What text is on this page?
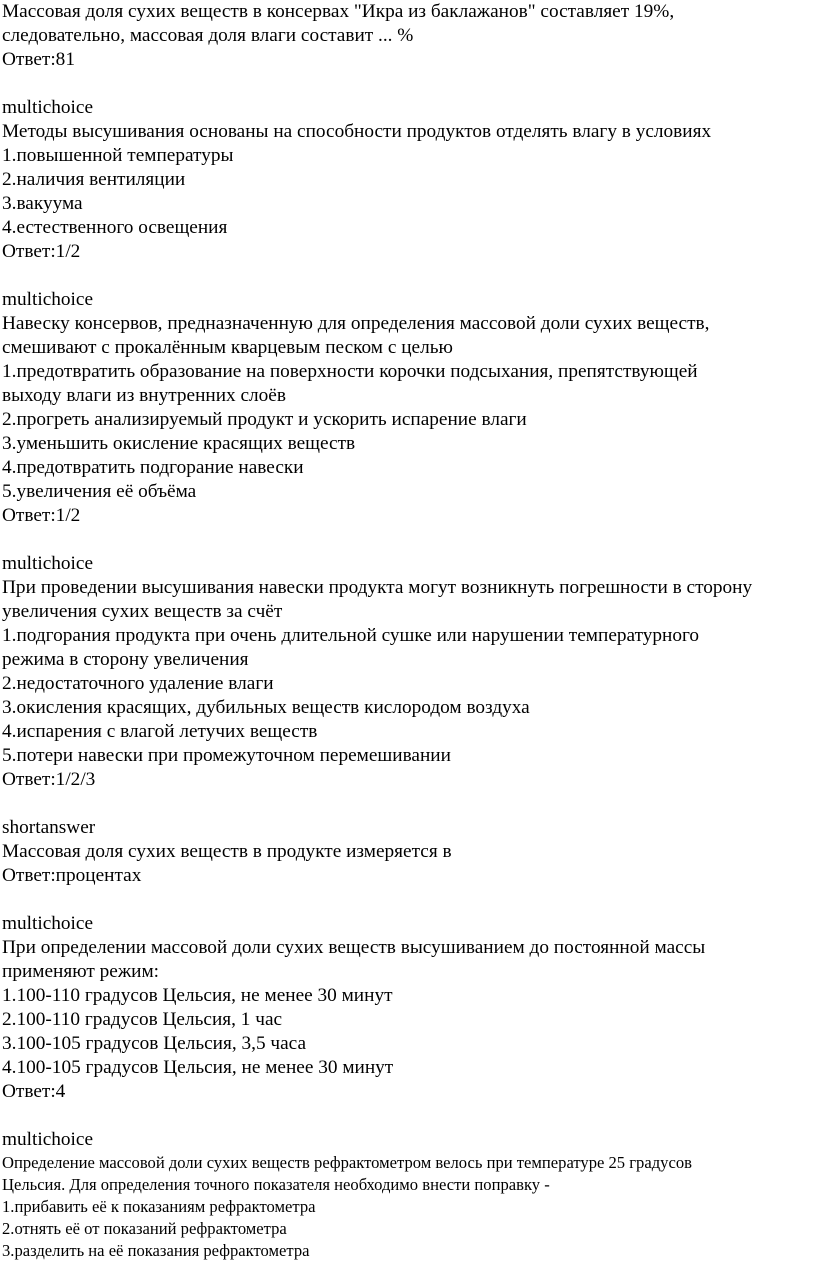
Массовая доля сухих веществ в консервах "Икра из баклажанов" составляет 19%,

следовательно, массовая доля влаги составит ... %

Ответ:81

multichoice

Методы высушивания основаны на способности продуктов отделять влагу в условиях

1.повышенной температуры

2.наличия вентиляции

3.вакуума

4.естественного освещения

Ответ:1/2

multichoice

Навеску консервов, предназначенную для определения массовой доли сухих веществ,

смешивают с прокалённым кварцевым песком с целью

1.предотвратить образование на поверхности корочки подсыхания, препятствующей

выходу влаги из внутренних слоёв

2.прогреть анализируемый продукт и ускорить испарение влаги

3.уменьшить окисление красящих веществ

4.предотвратить подгорание навески

5.увеличения её объёма

Ответ:1/2

multichoice

При проведении высушивания навески продукта могут возникнуть погрешности в сторону

увеличения сухих веществ за счёт

1.подгорания продукта при очень длительной сушке или нарушении температурного

режима в сторону увеличения

2.недостаточного удаление влаги

3.окисления красящих, дубильных веществ кислородом воздуха

4.испарения с влагой летучих веществ

5.потери навески при промежуточном перемешивании

Ответ:1/2/3

shortanswer

Массовая доля сухих веществ в продукте измеряется в

Ответ:процентах

multichoice

При определении массовой доли сухих веществ высушиванием до постоянной массы

применяют режим:

1.100-110 градусов Цельсия, не менее 30 минут

2.100-110 градусов Цельсия, 1 час

3.100-105 градусов Цельсия, 3,5 часа

4.100-105 градусов Цельсия, не менее 30 минут

Ответ:4

multichoice

Определение массовой доли сухих веществ рефрактометром велось при температуре 25 градусов

Цельсия. Для определения точного показателя необходимо внести поправку -

1.прибавить её к показаниям рефрактометра

2.отнять её от показаний рефрактометра

3.разделить на её показания рефрактометра
